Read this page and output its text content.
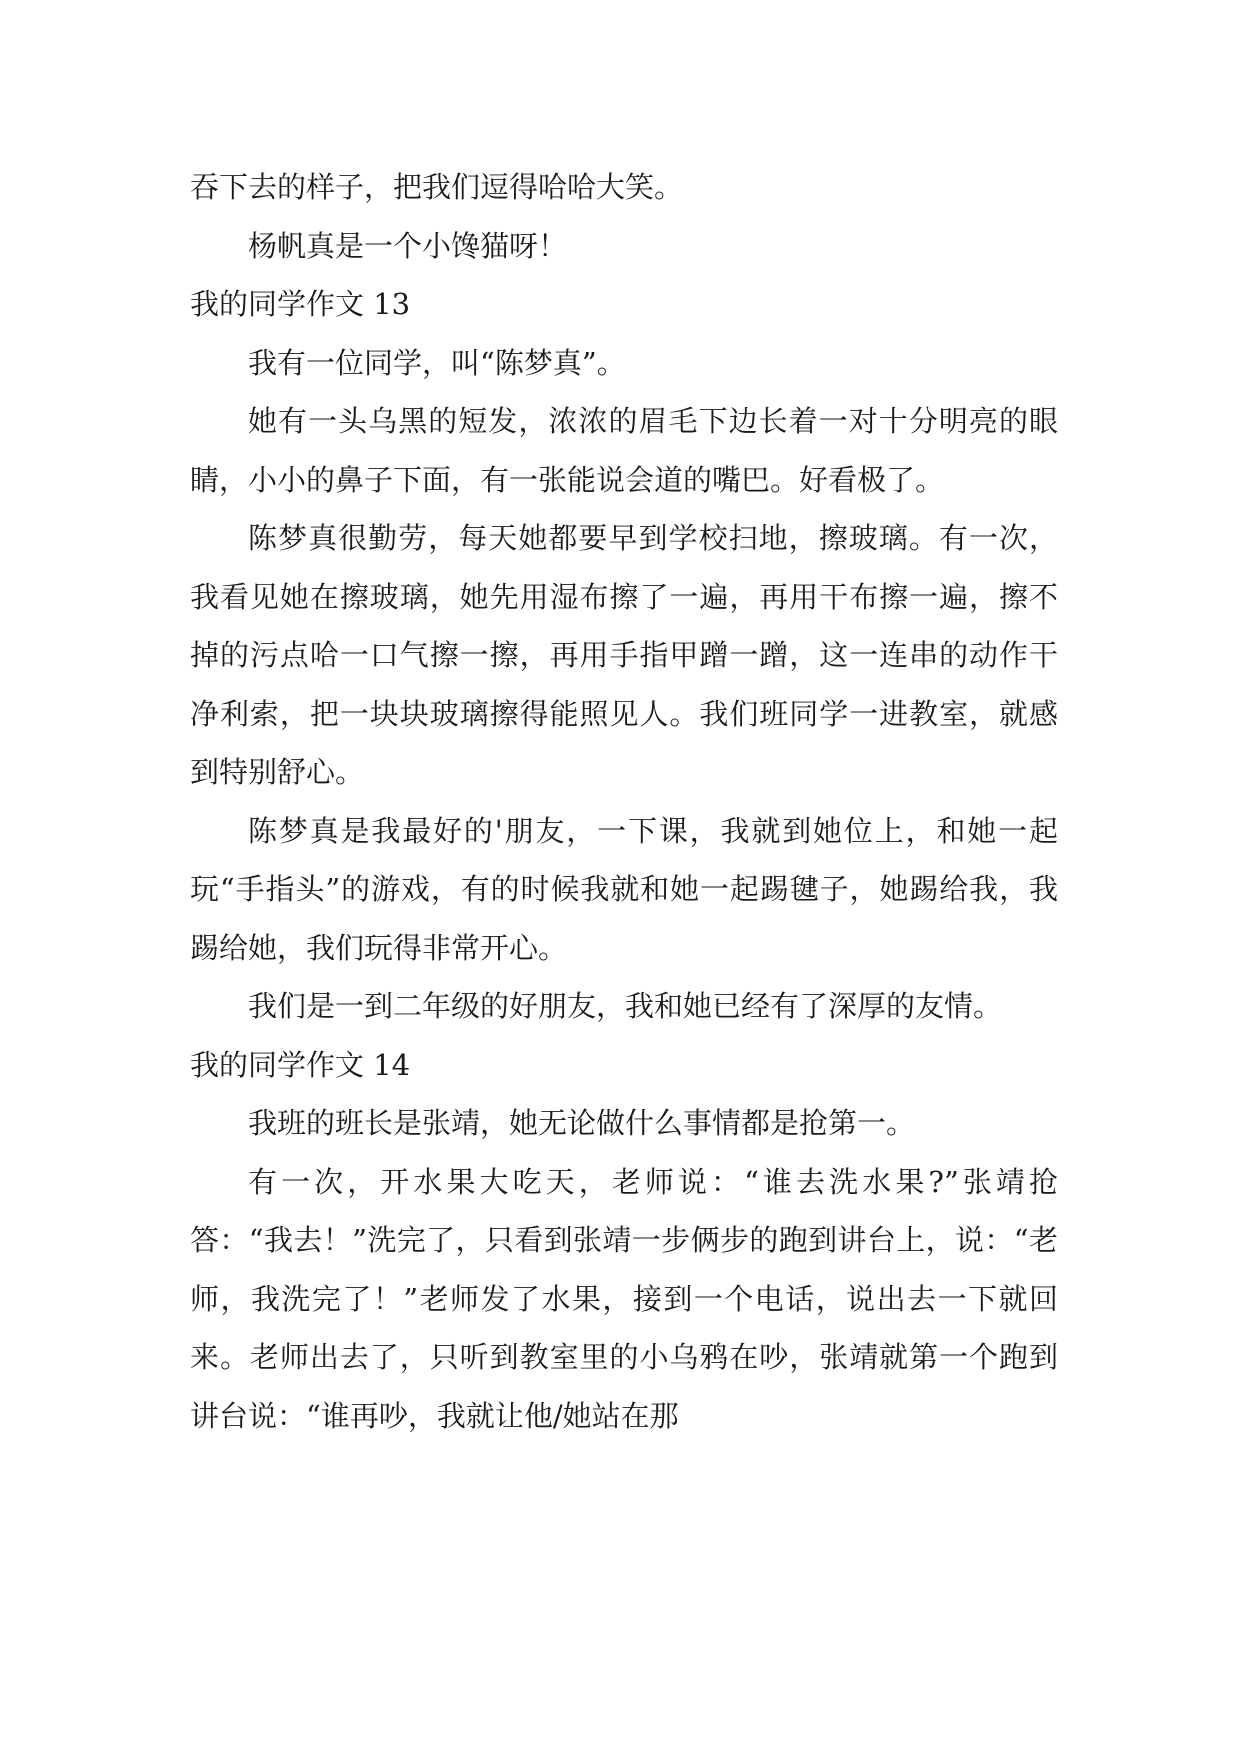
吞下去的样子，把我们逗得哈哈大笑。

杨帆真是一个小馋猫呀！

我的同学作文 13

我有一位同学，叫“陈梦真”。

她有一头乌黑的短发，浓浓的眉毛下边长着一对十分明亮的眼睛，小小的鼻子下面，有一张能说会道的嘴巴。好看极了。

陈梦真很勤劳，每天她都要早到学校扫地，擦玻璃。有一次，我看见她在擦玻璃，她先用湿布擦了一遍，再用干布擦一遍，擦不掉的污点哈一口气擦一擦，再用手指甲蹭一蹭，这一连串的动作干净利索，把一块块玻璃擦得能照见人。我们班同学一进教室，就感到特别舒心。

陈梦真是我最好的'朋友，一下课，我就到她位上，和她一起玩“手指头”的游戏，有的时候我就和她一起踢毽子，她踢给我，我踢给她，我们玩得非常开心。

我们是一到二年级的好朋友，我和她已经有了深厚的友情。

我的同学作文 14

我班的班长是张靖，她无论做什么事情都是抢第一。

有一次，开水果大吃天，老师说：“谁去洗水果?”张靖抢答：“我去！”洗完了，只看到张靖一步俩步的跑到讲台上，说：“老师，我洗完了！”老师发了水果，接到一个电话，说出去一下就回来。老师出去了，只听到教室里的小乌鸦在吵，张靖就第一个跑到讲台说：“谁再吵，我就让他/她站在那
